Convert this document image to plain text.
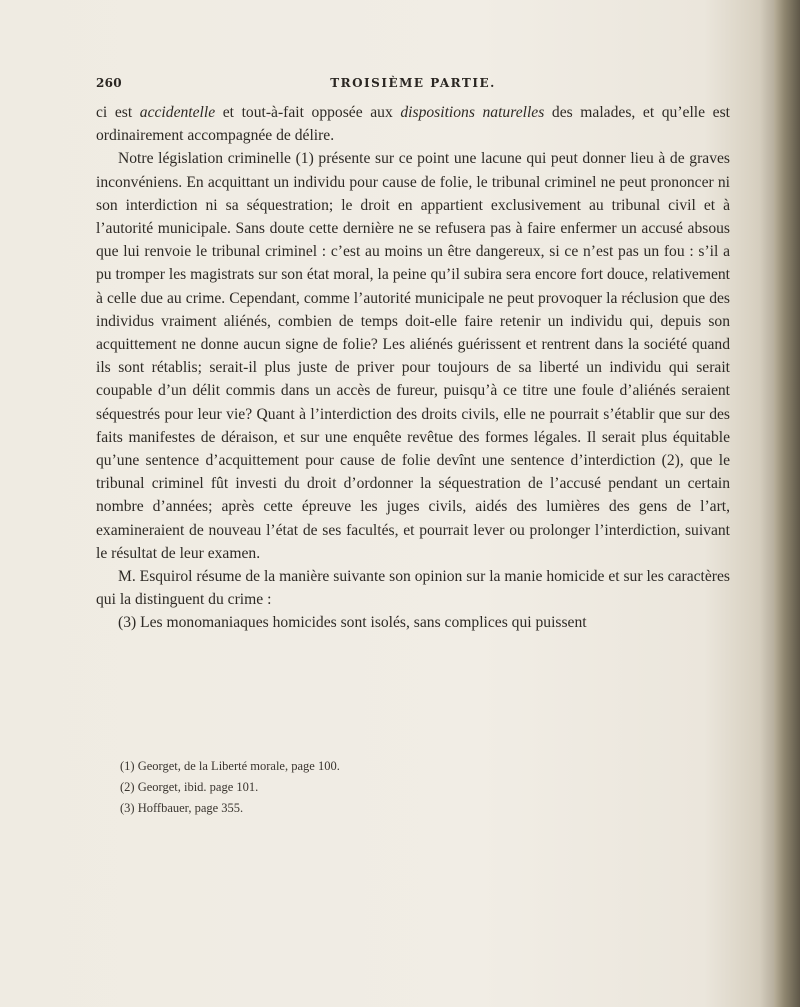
260	TROISIÈME PARTIE.

ci est accidentelle et tout-à-fait opposée aux dispositions naturelles des malades, et qu’elle est ordinairement accompagnée de délire.

Notre législation criminelle (1) présente sur ce point une lacune qui peut donner lieu à de graves inconvéniens. En acquittant un individu pour cause de folie, le tribunal criminel ne peut prononcer ni son interdiction ni sa séquestration; le droit en appartient exclusivement au tribunal civil et à l’autorité municipale. Sans doute cette dernière ne se refusera pas à faire enfermer un accusé absous que lui renvoie le tribunal criminel : c’est au moins un être dangereux, si ce n’est pas un fou : s’il a pu tromper les magistrats sur son état moral, la peine qu’il subira sera encore fort douce, relativement à celle due au crime. Cependant, comme l’autorité municipale ne peut provoquer la réclusion que des individus vraiment aliénés, combien de temps doit-elle faire retenir un individu qui, depuis son acquittement ne donne aucun signe de folie? Les aliénés guérissent et rentrent dans la société quand ils sont rétablis; serait-il plus juste de priver pour toujours de sa liberté un individu qui serait coupable d’un délit commis dans un accès de fureur, puisqu’à ce titre une foule d’aliénés seraient séquestrés pour leur vie? Quant à l’interdiction des droits civils, elle ne pourrait s’établir que sur des faits manifestes de déraison, et sur une enquête revêtue des formes légales. Il serait plus équitable qu’une sentence d’acquittement pour cause de folie devînt une sentence d’interdiction (2), que le tribunal criminel fût investi du droit d’ordonner la séquestration de l’accusé pendant un certain nombre d’années; après cette épreuve les juges civils, aidés des lumières des gens de l’art, examineraient de nouveau l’état de ses facultés, et pourrait lever ou prolonger l’interdiction, suivant le résultat de leur examen.

M. Esquirol résume de la manière suivante son opinion sur la manie homicide et sur les caractères qui la distinguent du crime :

(3) Les monomaniaques homicides sont isolés, sans complices qui puissent

(1) Georget, de la Liberté morale, page 100.

(2) Georget, ibid. page 101.

(3) Hoffbauer, page 355.
